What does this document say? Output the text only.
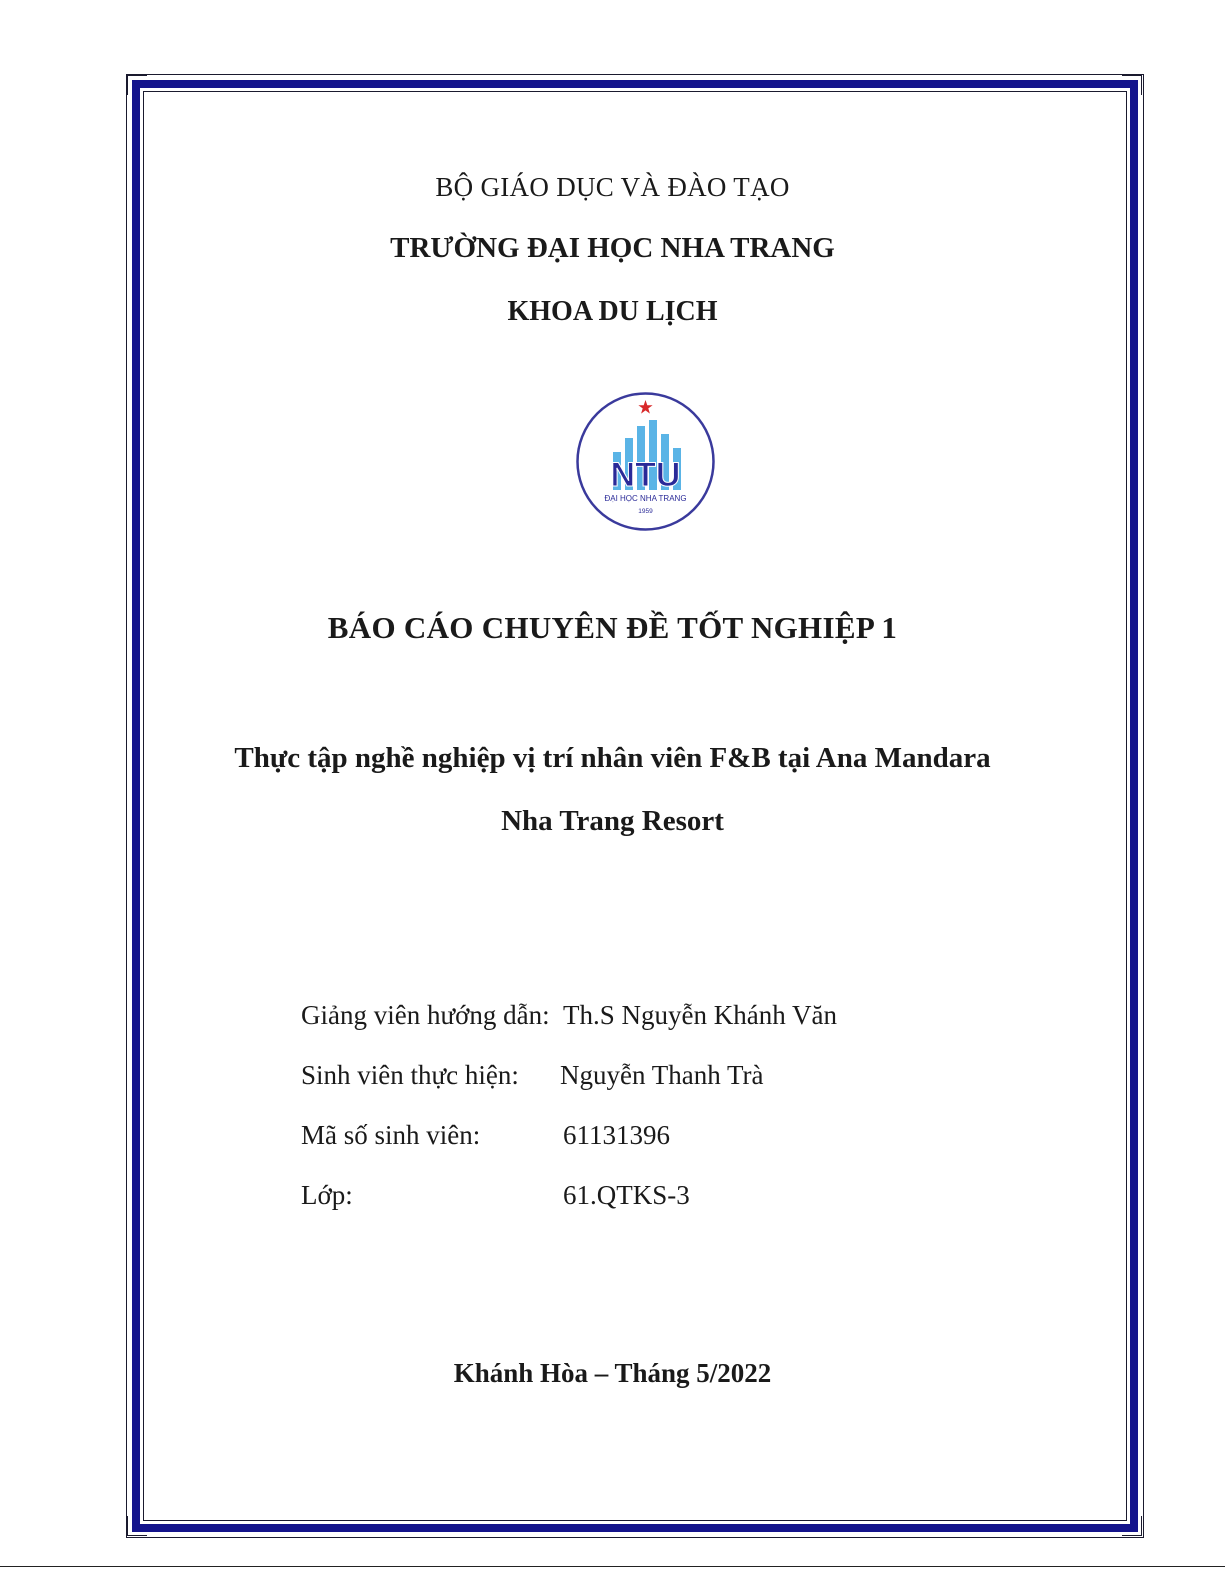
BỘ GIÁO DỤC VÀ ĐÀO TẠO
TRƯỜNG ĐẠI HỌC NHA TRANG
KHOA DU LỊCH
NTU
ĐẠI HỌC NHA TRANG
1959
BÁO CÁO CHUYÊN ĐỀ TỐT NGHIỆP 1
Thực tập nghề nghiệp vị trí nhân viên F&B tại Ana Mandara
Nha Trang Resort
Giảng viên hướng dẫn: Th.S Nguyễn Khánh Văn
Sinh viên thực hiện: Nguyễn Thanh Trà
Mã số sinh viên:	61131396
Lớp:	61.QTKS-3
Khánh Hòa – Tháng 5/2022
